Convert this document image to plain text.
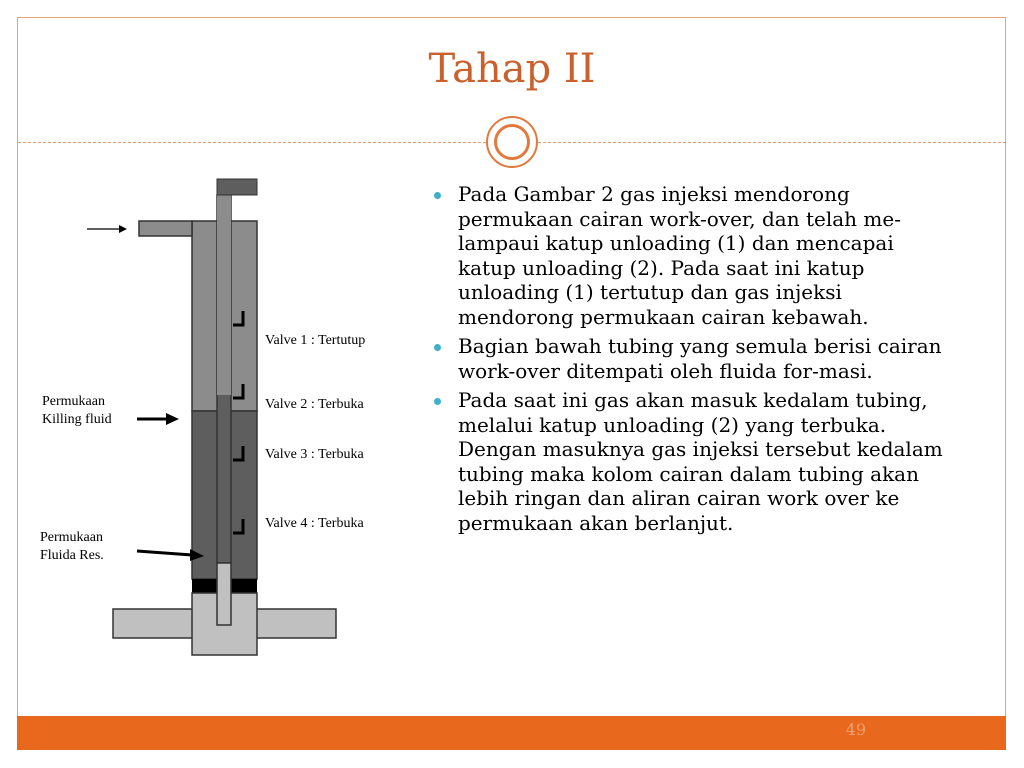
Tahap II
Valve 1 : Tertutup
Valve 2 : Terbuka
Valve 3 : Terbuka
Valve 4 : Terbuka
Permukaan
Killing fluid
Permukaan
Fluida Res.
Pada Gambar 2 gas injeksi mendorong permukaan cairan work-over, dan telah me-lampaui katup unloading (1) dan mencapai katup unloading (2). Pada saat ini katup unloading (1) tertutup dan gas injeksi mendorong permukaan cairan kebawah.
Bagian bawah tubing yang semula berisi cairan work-over ditempati oleh fluida for-masi.
Pada saat ini gas akan masuk kedalam tubing, melalui katup unloading (2) yang terbuka. Dengan masuknya gas injeksi tersebut kedalam tubing maka kolom cairan dalam tubing akan lebih ringan dan aliran cairan work over ke permukaan akan berlanjut.
49
